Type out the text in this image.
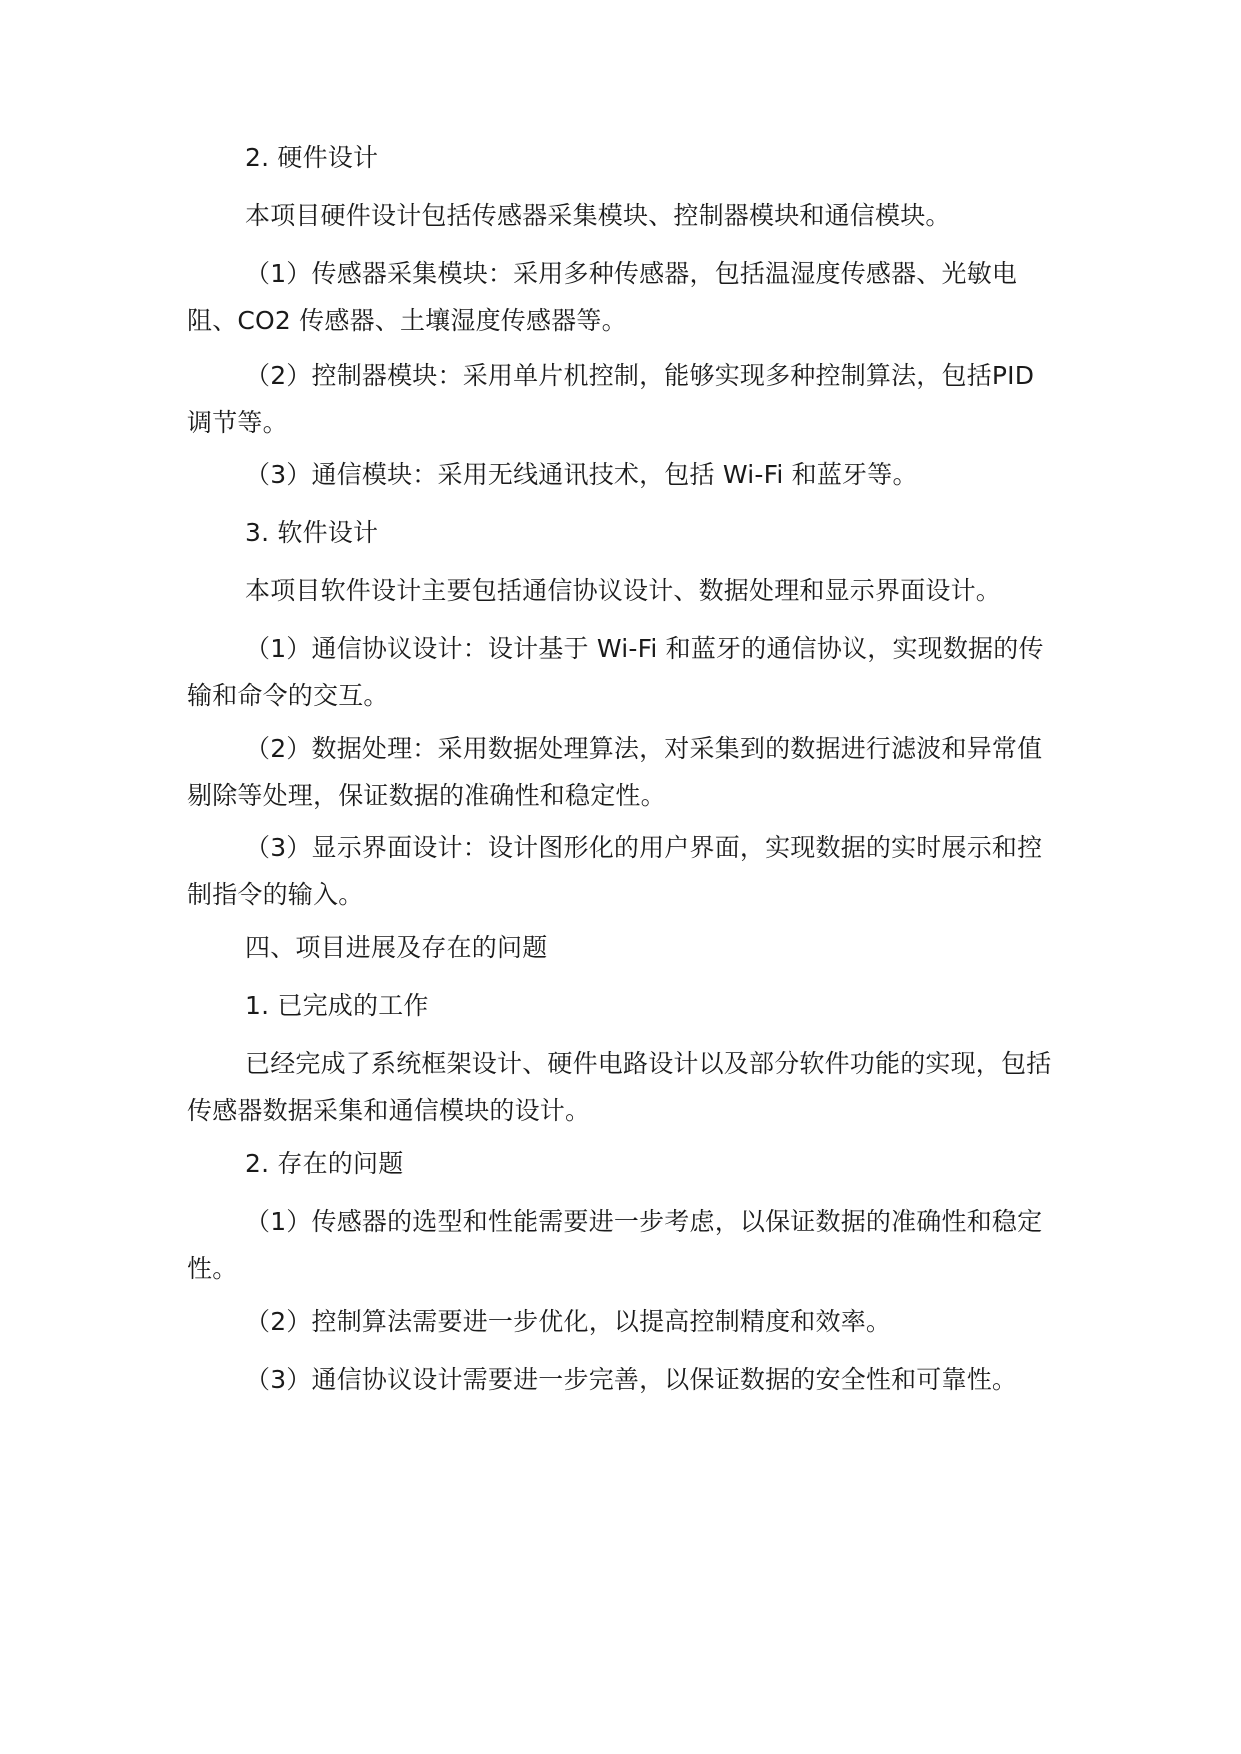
2. 硬件设计
本项目硬件设计包括传感器采集模块、控制器模块和通信模块。
（1）传感器采集模块：采用多种传感器，包括温湿度传感器、光敏电阻、CO2 传感器、土壤湿度传感器等。
（2）控制器模块：采用单片机控制，能够实现多种控制算法，包括PID 调节等。
（3）通信模块：采用无线通讯技术，包括 Wi-Fi 和蓝牙等。
3. 软件设计
本项目软件设计主要包括通信协议设计、数据处理和显示界面设计。
（1）通信协议设计：设计基于 Wi-Fi 和蓝牙的通信协议，实现数据的传输和命令的交互。
（2）数据处理：采用数据处理算法，对采集到的数据进行滤波和异常值剔除等处理，保证数据的准确性和稳定性。
（3）显示界面设计：设计图形化的用户界面，实现数据的实时展示和控制指令的输入。
四、项目进展及存在的问题
1. 已完成的工作
已经完成了系统框架设计、硬件电路设计以及部分软件功能的实现，包括传感器数据采集和通信模块的设计。
2. 存在的问题
（1）传感器的选型和性能需要进一步考虑，以保证数据的准确性和稳定性。
（2）控制算法需要进一步优化，以提高控制精度和效率。
（3）通信协议设计需要进一步完善，以保证数据的安全性和可靠性。
